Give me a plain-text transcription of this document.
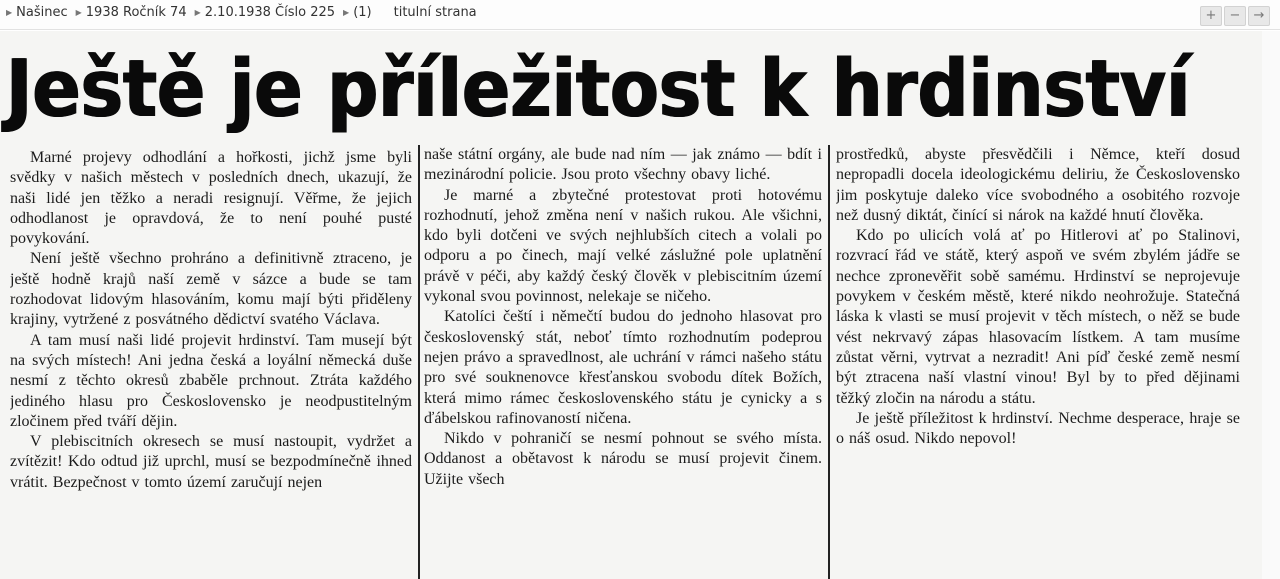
▶ Našinec ▶ 1938 Ročník 74 ▶ 2.10.1938 Číslo 225 ▶ (1) titulní strana	+	−	→
Ještě je příležitost k hrdinství

Marné projevy odhodlání a hořkosti, jichž jsme byli svědky v našich městech v posledních dnech, ukazují, že naši lidé jen těžko a neradi resignují. Věřme, že jejich odhodlanost je opravdová, že to není pouhé pusté povykování.

Není ještě všechno prohráno a definitivně ztraceno, je ještě hodně krajů naší země v sázce a bude se tam rozhodovat lidovým hlasováním, komu mají býti přiděleny krajiny, vytržené z posvátného dědictví svatého Václava.

A tam musí naši lidé projevit hrdinství. Tam musejí být na svých místech! Ani jedna česká a loyální německá duše nesmí z těchto okresů zbaběle prchnout. Ztráta každého jediného hlasu pro Československo je neodpustitelným zločinem před tváří dějin.

V plebiscitních okresech se musí nastoupit, vydržet a zvítězit! Kdo odtud již uprchl, musí se bezpodmínečně ihned vrátit. Bezpečnost v tomto území zaručují nejen

naše státní orgány, ale bude nad ním — jak známo — bdít i mezinárodní policie. Jsou proto všechny obavy liché.

Je marné a zbytečné protestovat proti hotovému rozhodnutí, jehož změna není v našich rukou. Ale všichni, kdo byli dotčeni ve svých nejhlubších citech a volali po odporu a po činech, mají velké záslužné pole uplatnění právě v péči, aby každý český člověk v plebiscitním území vykonal svou povinnost, nelekaje se ničeho.

Katolíci čeští i němečtí budou do jednoho hlasovat pro československý stát, neboť tímto rozhodnutím podeprou nejen právo a spravedlnost, ale uchrání v rámci našeho státu pro své souknenovce křesťanskou svobodu dítek Božích, která mimo rámec československého státu je cynicky a s ďábelskou rafinovaností ničena.

Nikdo v pohraničí se nesmí pohnout se svého místa. Oddanost a obětavost k národu se musí projevit činem. Užijte všech

prostředků, abyste přesvědčili i Němce, kteří dosud nepropadli docela ideologickému deliriu, že Československo jim poskytuje daleko více svobodného a osobitého rozvoje než dusný diktát, činící si nárok na každé hnutí člověka.

Kdo po ulicích volá ať po Hitlerovi ať po Stalinovi, rozvrací řád ve státě, který aspoň ve svém zbylém jádře se nechce zpronevěřit sobě samému. Hrdinství se neprojevuje povykem v českém městě, které nikdo neohrožuje. Statečná láska k vlasti se musí projevit v těch místech, o něž se bude vést nekrvavý zápas hlasovacím lístkem. A tam musíme zůstat věrni, vytrvat a nezradit! Ani píď české země nesmí být ztracena naší vlastní vinou! Byl by to před dějinami těžký zločin na národu a státu.

Je ještě příležitost k hrdinství. Nechme desperace, hraje se o náš osud. Nikdo nepovol!
